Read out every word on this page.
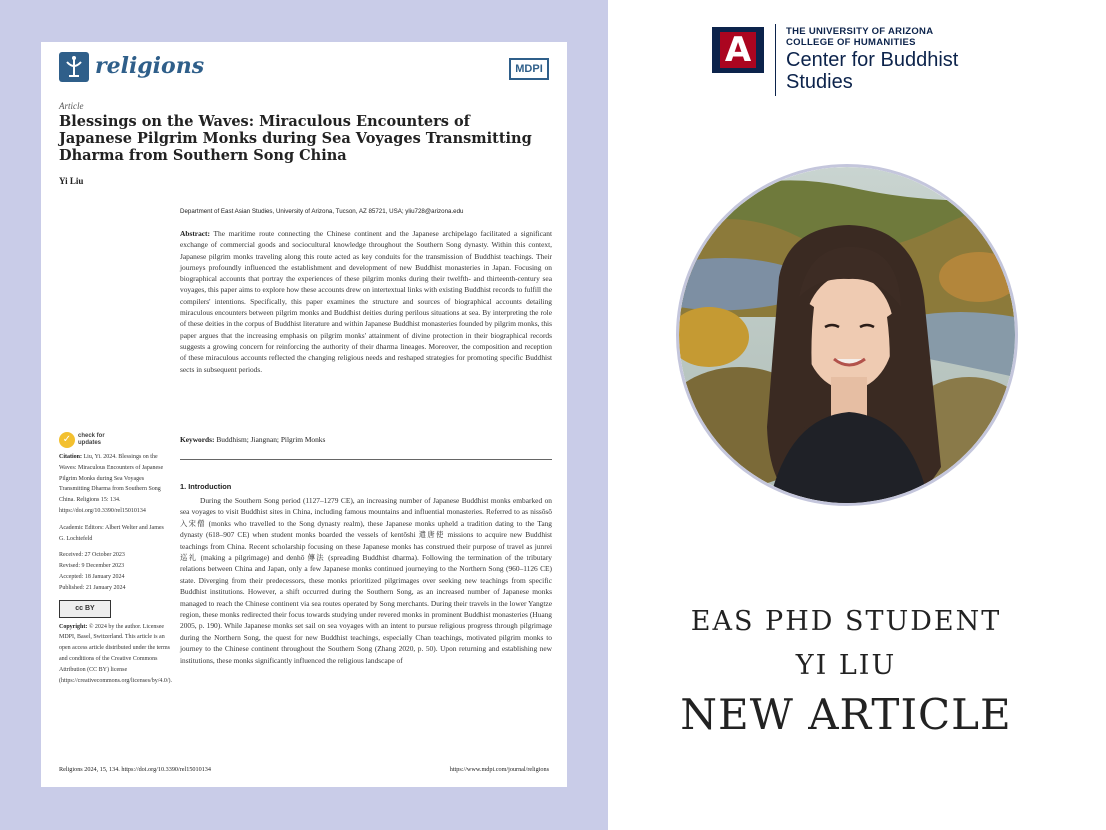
religions	MDPI
Article
Blessings on the Waves: Miraculous Encounters of Japanese Pilgrim Monks during Sea Voyages Transmitting Dharma from Southern Song China
Yi Liu
Department of East Asian Studies, University of Arizona, Tucson, AZ 85721, USA; yliu728@arizona.edu
Abstract: The maritime route connecting the Chinese continent and the Japanese archipelago facilitated a significant exchange of commercial goods and sociocultural knowledge throughout the Southern Song dynasty. Within this context, Japanese pilgrim monks traveling along this route acted as key conduits for the transmission of Buddhist teachings. Their journeys profoundly influenced the establishment and development of new Buddhist monasteries in Japan. Focusing on biographical accounts that portray the experiences of these pilgrim monks during their twelfth- and thirteenth-century sea voyages, this paper aims to explore how these accounts drew on intertextual links with existing Buddhist records to fulfill the compilers' intentions. Specifically, this paper examines the structure and sources of biographical accounts detailing miraculous encounters between pilgrim monks and Buddhist deities during perilous situations at sea. By interpreting the role of these deities in the corpus of Buddhist literature and within Japanese Buddhist monasteries founded by pilgrim monks, this paper argues that the increasing emphasis on pilgrim monks' attainment of divine protection in their biographical records suggests a growing concern for reinforcing the authority of their dharma lineages. Moreover, the composition and reception of these miraculous accounts reflected the changing religious needs and reshaped strategies for promoting specific Buddhist sects in subsequent periods.
Keywords: Buddhism; Jiangnan; Pilgrim Monks
✓	check for
updates
Citation: Liu, Yi. 2024. Blessings on the Waves: Miraculous Encounters of Japanese Pilgrim Monks during Sea Voyages Transmitting Dharma from Southern Song China. Religions 15: 134. https://doi.org/10.3390/rel15010134
Academic Editors: Albert Welter and James G. Lochtefeld
Received: 27 October 2023
Revised: 9 December 2023
Accepted: 18 January 2024
Published: 21 January 2024
cc BY
Copyright: © 2024 by the author. Licensee MDPI, Basel, Switzerland. This article is an open access article distributed under the terms and conditions of the Creative Commons Attribution (CC BY) license (https://creativecommons.org/licenses/by/4.0/).
1. Introduction
During the Southern Song period (1127–1279 CE), an increasing number of Japanese Buddhist monks embarked on sea voyages to visit Buddhist sites in China, including famous mountains and influential monasteries. Referred to as nissōsō 入宋僧 (monks who travelled to the Song dynasty realm), these Japanese monks upheld a tradition dating to the Tang dynasty (618–907 CE) when student monks boarded the vessels of kentōshi 遣唐使 missions to acquire new Buddhist teachings from China. Recent scholarship focusing on these Japanese monks has construed their purpose of travel as junrei 巡礼 (making a pilgrimage) and denhō 傳法 (spreading Buddhist dharma). Following the termination of the tributary relations between China and Japan, only a few Japanese monks continued journeying to the Northern Song (960–1126 CE) state. Diverging from their predecessors, these monks prioritized pilgrimages over seeking new teachings from specific Buddhist institutions. However, a shift occurred during the Southern Song, as an increased number of Japanese monks managed to reach the Chinese continent via sea routes operated by Song merchants. During their travels in the lower Yangtze region, these monks redirected their focus towards studying under revered monks in prominent Buddhist monasteries (Huang 2005, p. 190). While Japanese monks set sail on sea voyages with an intent to pursue religious progress through pilgrimage during the Northern Song, the quest for new Buddhist teachings, especially Chan teachings, motivated pilgrim monks to journey to the Chinese continent throughout the Southern Song (Zhang 2020, p. 50). Upon returning and establishing new institutions, these monks significantly influenced the religious landscape of
Religions 2024, 15, 134. https://doi.org/10.3390/rel15010134	https://www.mdpi.com/journal/religions
A	THE UNIVERSITY OF ARIZONA
COLLEGE OF HUMANITIES
Center for Buddhist Studies
EAS PHD STUDENT
YI LIU
NEW ARTICLE
